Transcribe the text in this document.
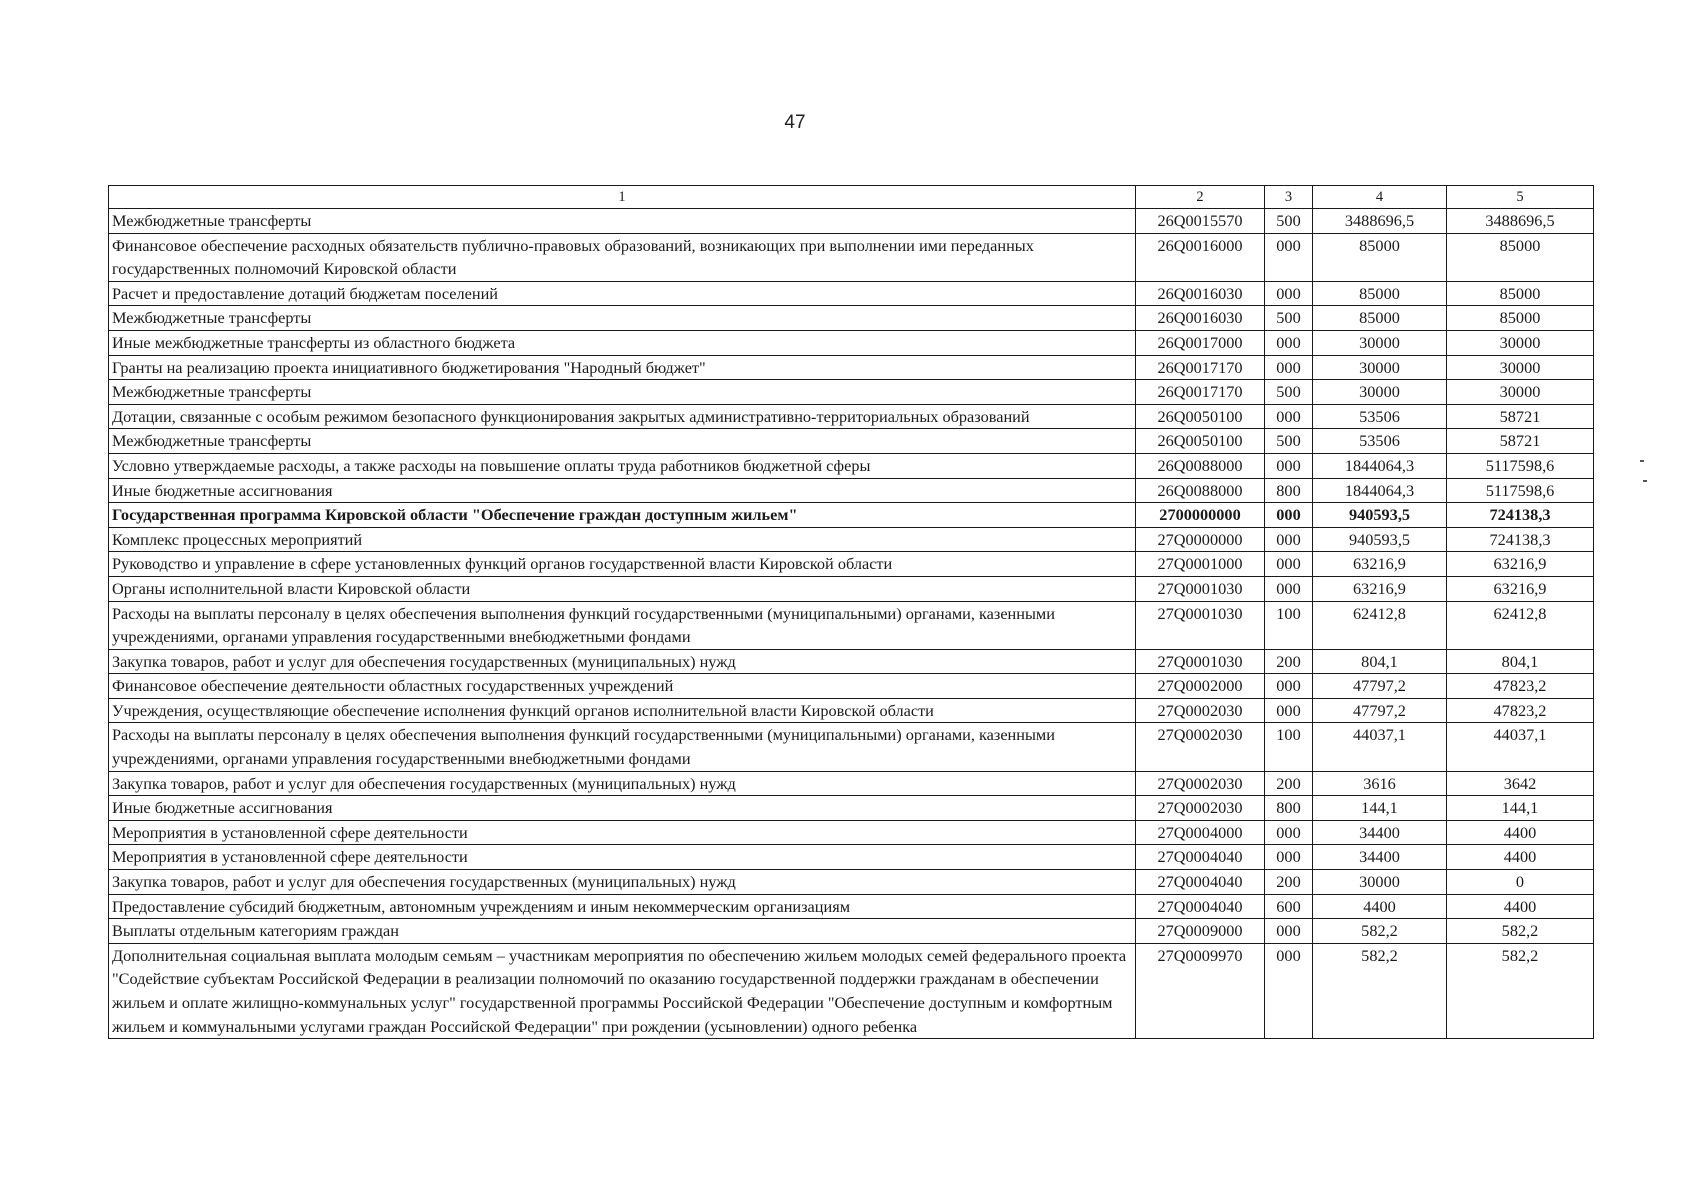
47
1	2	3	4	5
Межбюджетные трансферты	26Q0015570	500	3488696,5	3488696,5
Финансовое обеспечение расходных обязательств публично-правовых образований, возникающих при выполнении ими переданных государственных полномочий Кировской области	26Q0016000	000	85000	85000
Расчет и предоставление дотаций бюджетам поселений	26Q0016030	000	85000	85000
Межбюджетные трансферты	26Q0016030	500	85000	85000
Иные межбюджетные трансферты из областного бюджета	26Q0017000	000	30000	30000
Гранты на реализацию проекта инициативного бюджетирования "Народный бюджет"	26Q0017170	000	30000	30000
Межбюджетные трансферты	26Q0017170	500	30000	30000
Дотации, связанные с особым режимом безопасного функционирования закрытых административно-территориальных образований	26Q0050100	000	53506	58721
Межбюджетные трансферты	26Q0050100	500	53506	58721
Условно утверждаемые расходы, а также расходы на повышение оплаты труда работников бюджетной сферы	26Q0088000	000	1844064,3	5117598,6
Иные бюджетные ассигнования	26Q0088000	800	1844064,3	5117598,6
Государственная программа Кировской области "Обеспечение граждан доступным жильем"	2700000000	000	940593,5	724138,3
Комплекс процессных мероприятий	27Q0000000	000	940593,5	724138,3
Руководство и управление в сфере установленных функций органов государственной власти Кировской области	27Q0001000	000	63216,9	63216,9
Органы исполнительной власти Кировской области	27Q0001030	000	63216,9	63216,9
Расходы на выплаты персоналу в целях обеспечения выполнения функций государственными (муниципальными) органами, казенными учреждениями, органами управления государственными внебюджетными фондами	27Q0001030	100	62412,8	62412,8
Закупка товаров, работ и услуг для обеспечения государственных (муниципальных) нужд	27Q0001030	200	804,1	804,1
Финансовое обеспечение деятельности областных государственных учреждений	27Q0002000	000	47797,2	47823,2
Учреждения, осуществляющие обеспечение исполнения функций органов исполнительной власти Кировской области	27Q0002030	000	47797,2	47823,2
Расходы на выплаты персоналу в целях обеспечения выполнения функций государственными (муниципальными) органами, казенными учреждениями, органами управления государственными внебюджетными фондами	27Q0002030	100	44037,1	44037,1
Закупка товаров, работ и услуг для обеспечения государственных (муниципальных) нужд	27Q0002030	200	3616	3642
Иные бюджетные ассигнования	27Q0002030	800	144,1	144,1
Мероприятия в установленной сфере деятельности	27Q0004000	000	34400	4400
Мероприятия в установленной сфере деятельности	27Q0004040	000	34400	4400
Закупка товаров, работ и услуг для обеспечения государственных (муниципальных) нужд	27Q0004040	200	30000	0
Предоставление субсидий бюджетным, автономным учреждениям и иным некоммерческим организациям	27Q0004040	600	4400	4400
Выплаты отдельным категориям граждан	27Q0009000	000	582,2	582,2
Дополнительная социальная выплата молодым семьям – участникам мероприятия по обеспечению жильем молодых семей федерального проекта "Содействие субъектам Российской Федерации в реализации полномочий по оказанию государственной поддержки гражданам в обеспечении жильем и оплате жилищно-коммунальных услуг" государственной программы Российской Федерации "Обеспечение доступным и комфортным жильем и коммунальными услугами граждан Российской Федерации" при рождении (усыновлении) одного ребенка	27Q0009970	000	582,2	582,2
